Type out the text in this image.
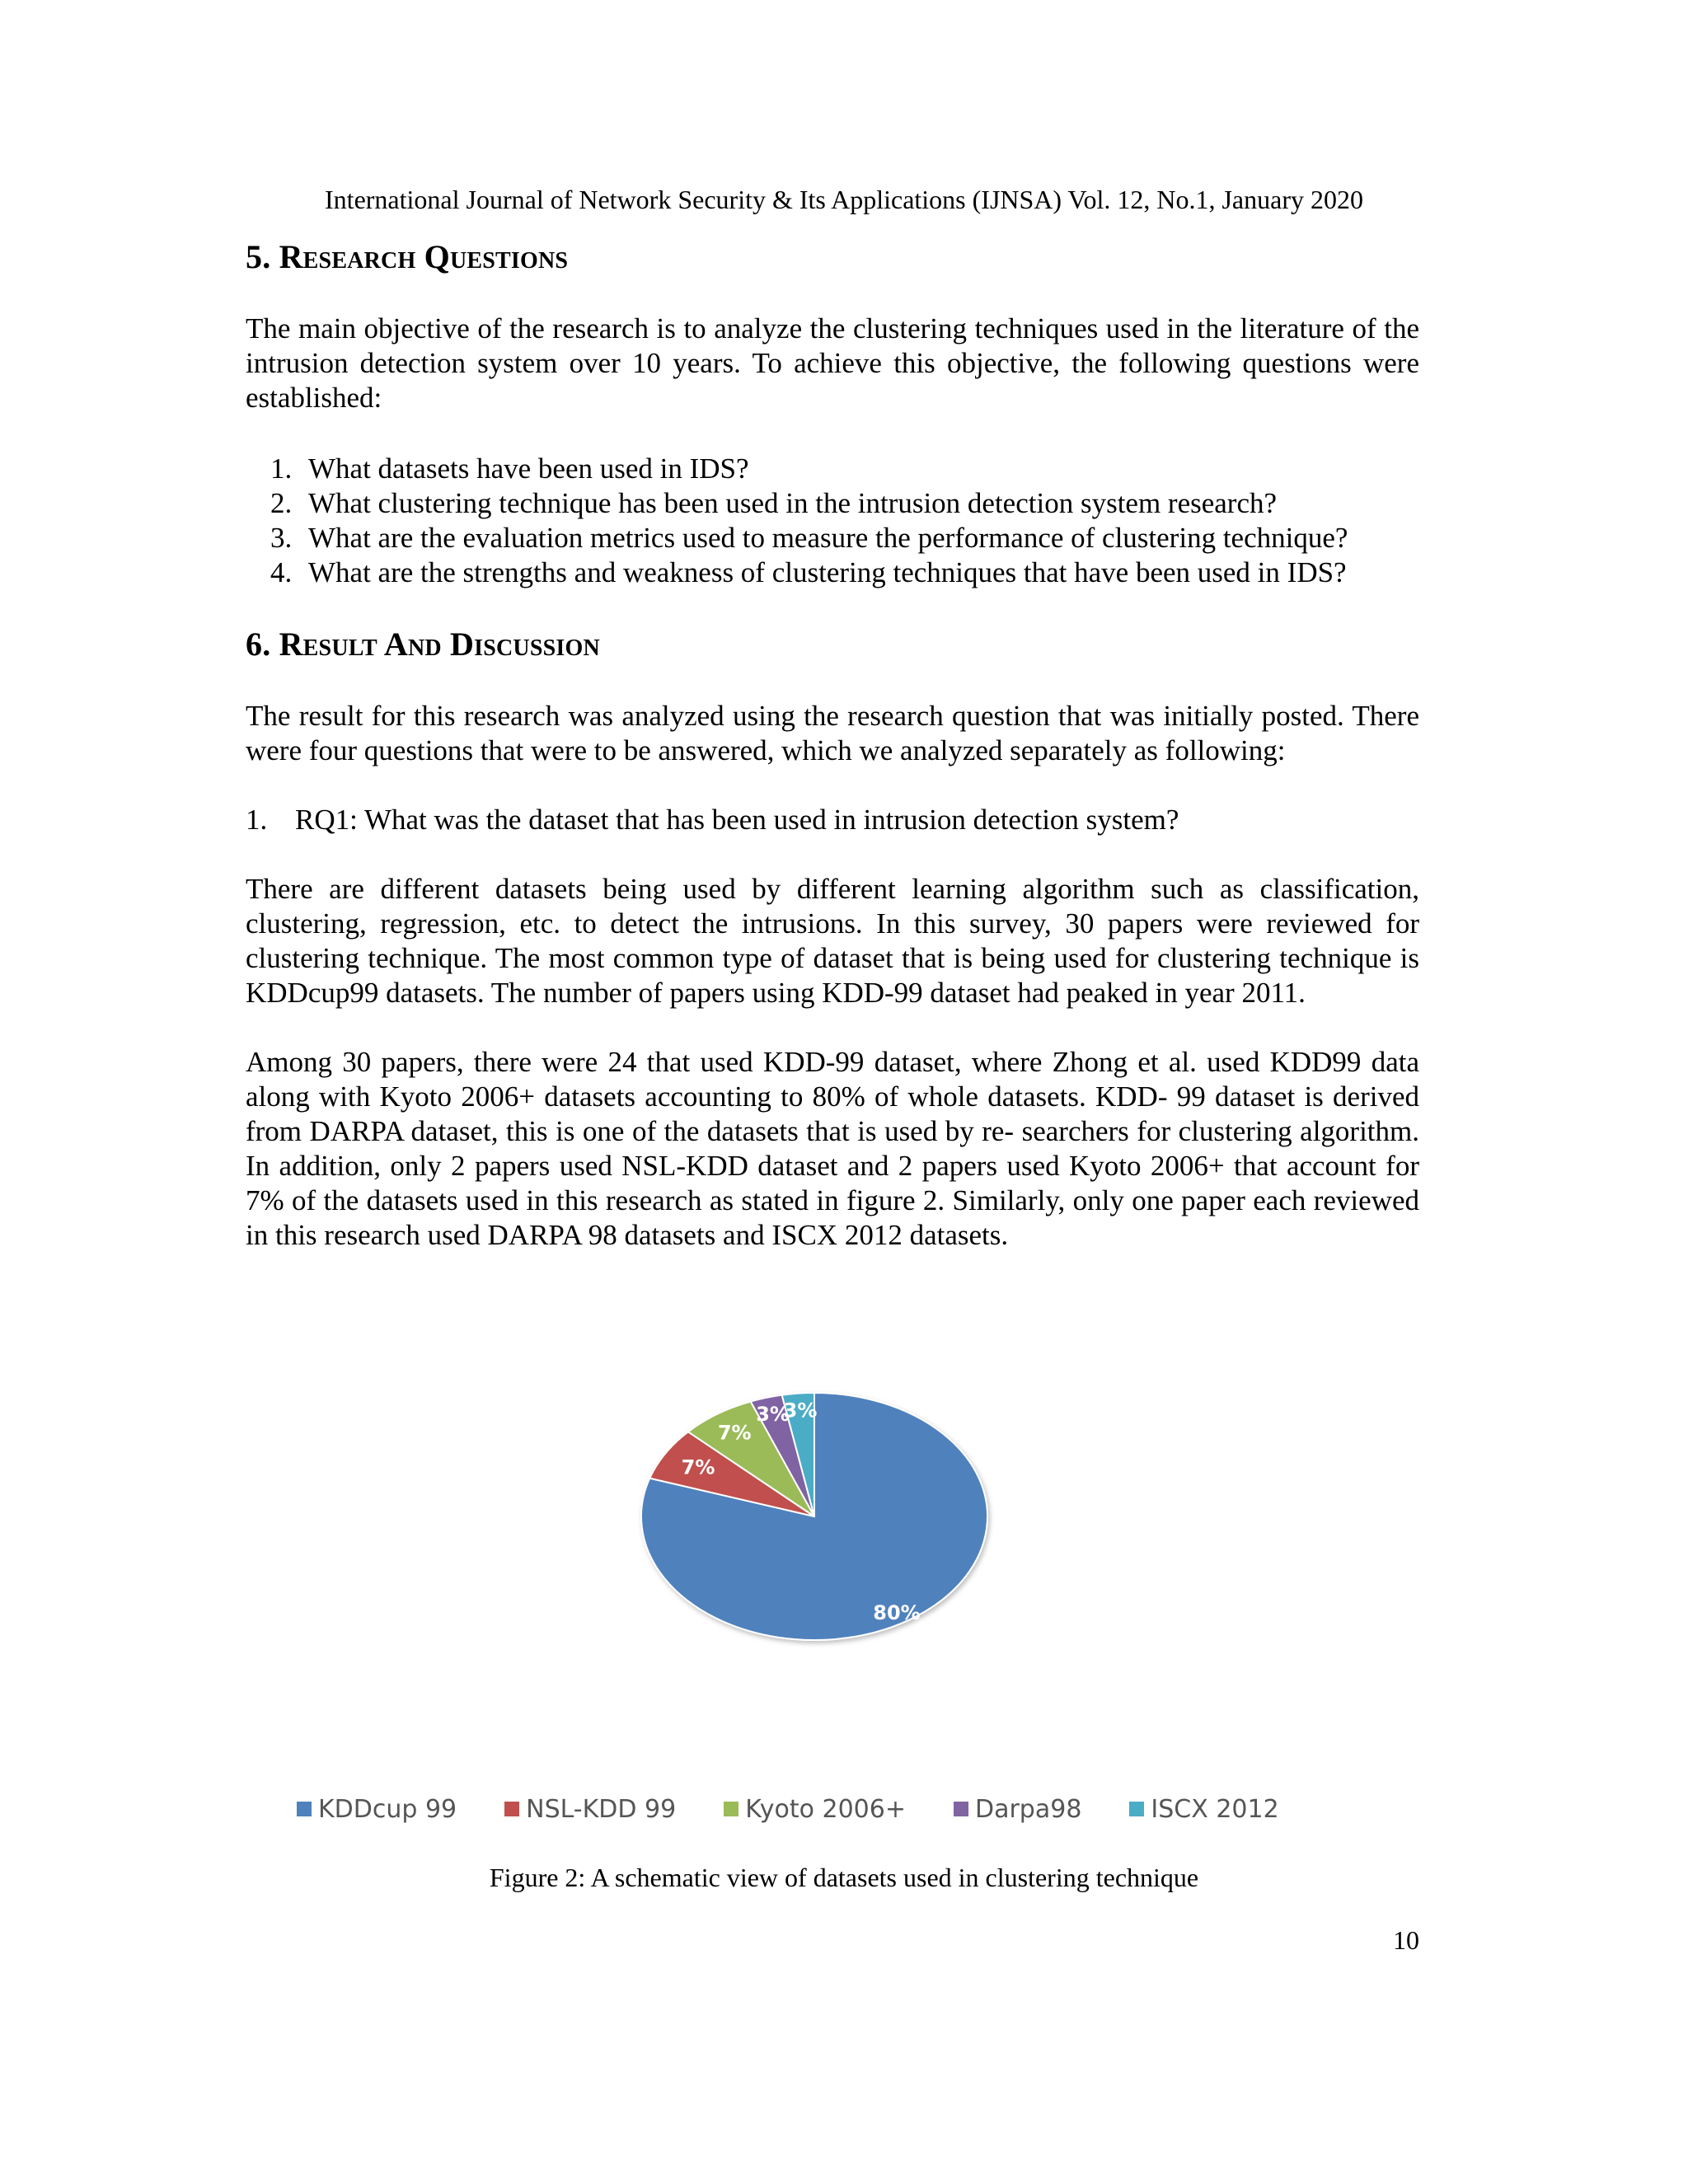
International Journal of Network Security & Its Applications (IJNSA) Vol. 12, No.1, January 2020
5. Research Questions

The main objective of the research is to analyze the clustering techniques used in the literature of the intrusion detection system over 10 years. To achieve this objective, the following questions were established:

1. What datasets have been used in IDS?
2. What clustering technique has been used in the intrusion detection system research?
3. What are the evaluation metrics used to measure the performance of clustering technique?
4. What are the strengths and weakness of clustering techniques that have been used in IDS?
6. Result And Discussion

The result for this research was analyzed using the research question that was initially posted. There were four questions that were to be answered, which we analyzed separately as following:

1. RQ1: What was the dataset that has been used in intrusion detection system?

There are different datasets being used by different learning algorithm such as classification, clustering, regression, etc. to detect the intrusions. In this survey, 30 papers were reviewed for clustering technique. The most common type of dataset that is being used for clustering technique is KDDcup99 datasets. The number of papers using KDD-99 dataset had peaked in year 2011.

Among 30 papers, there were 24 that used KDD-99 dataset, where Zhong et al. used KDD99 data along with Kyoto 2006+ datasets accounting to 80% of whole datasets. KDD- 99 dataset is derived from DARPA dataset, this is one of the datasets that is used by re- searchers for clustering algorithm. In addition, only 2 papers used NSL-KDD dataset and 2 papers used Kyoto 2006+ that account for 7% of the datasets used in this research as stated in figure 2. Similarly, only one paper each reviewed in this research used DARPA 98 datasets and ISCX 2012 datasets.

80%
7%
7%
3%
3%
KDDcup 99	NSL-KDD 99	Kyoto 2006+	Darpa98	ISCX 2012
Figure 2: A schematic view of datasets used in clustering technique
10
